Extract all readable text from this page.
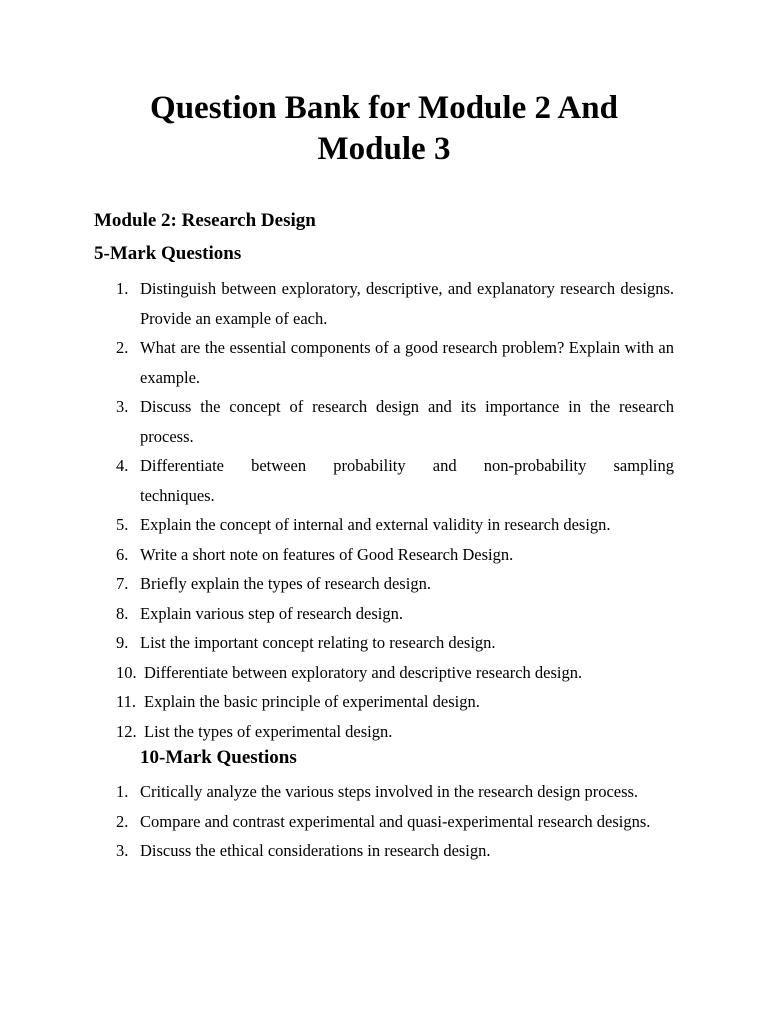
Question Bank for Module 2 And Module 3
Module 2: Research Design
5-Mark Questions
1. Distinguish between exploratory, descriptive, and explanatory research designs. Provide an example of each.
2. What are the essential components of a good research problem? Explain with an example.
3. Discuss the concept of research design and its importance in the research process.
4. Differentiate between probability and non-probability sampling
techniques.
5. Explain the concept of internal and external validity in research design.
6. Write a short note on features of Good Research Design.
7. Briefly explain the types of research design.
8. Explain various step of research design.
9. List the important concept relating to research design.
10. Differentiate between exploratory and descriptive research design.
11. Explain the basic principle of experimental design.
12. List the types of experimental design.
10-Mark Questions
1. Critically analyze the various steps involved in the research design process.
2. Compare and contrast experimental and quasi-experimental research designs.
3. Discuss the ethical considerations in research design.
